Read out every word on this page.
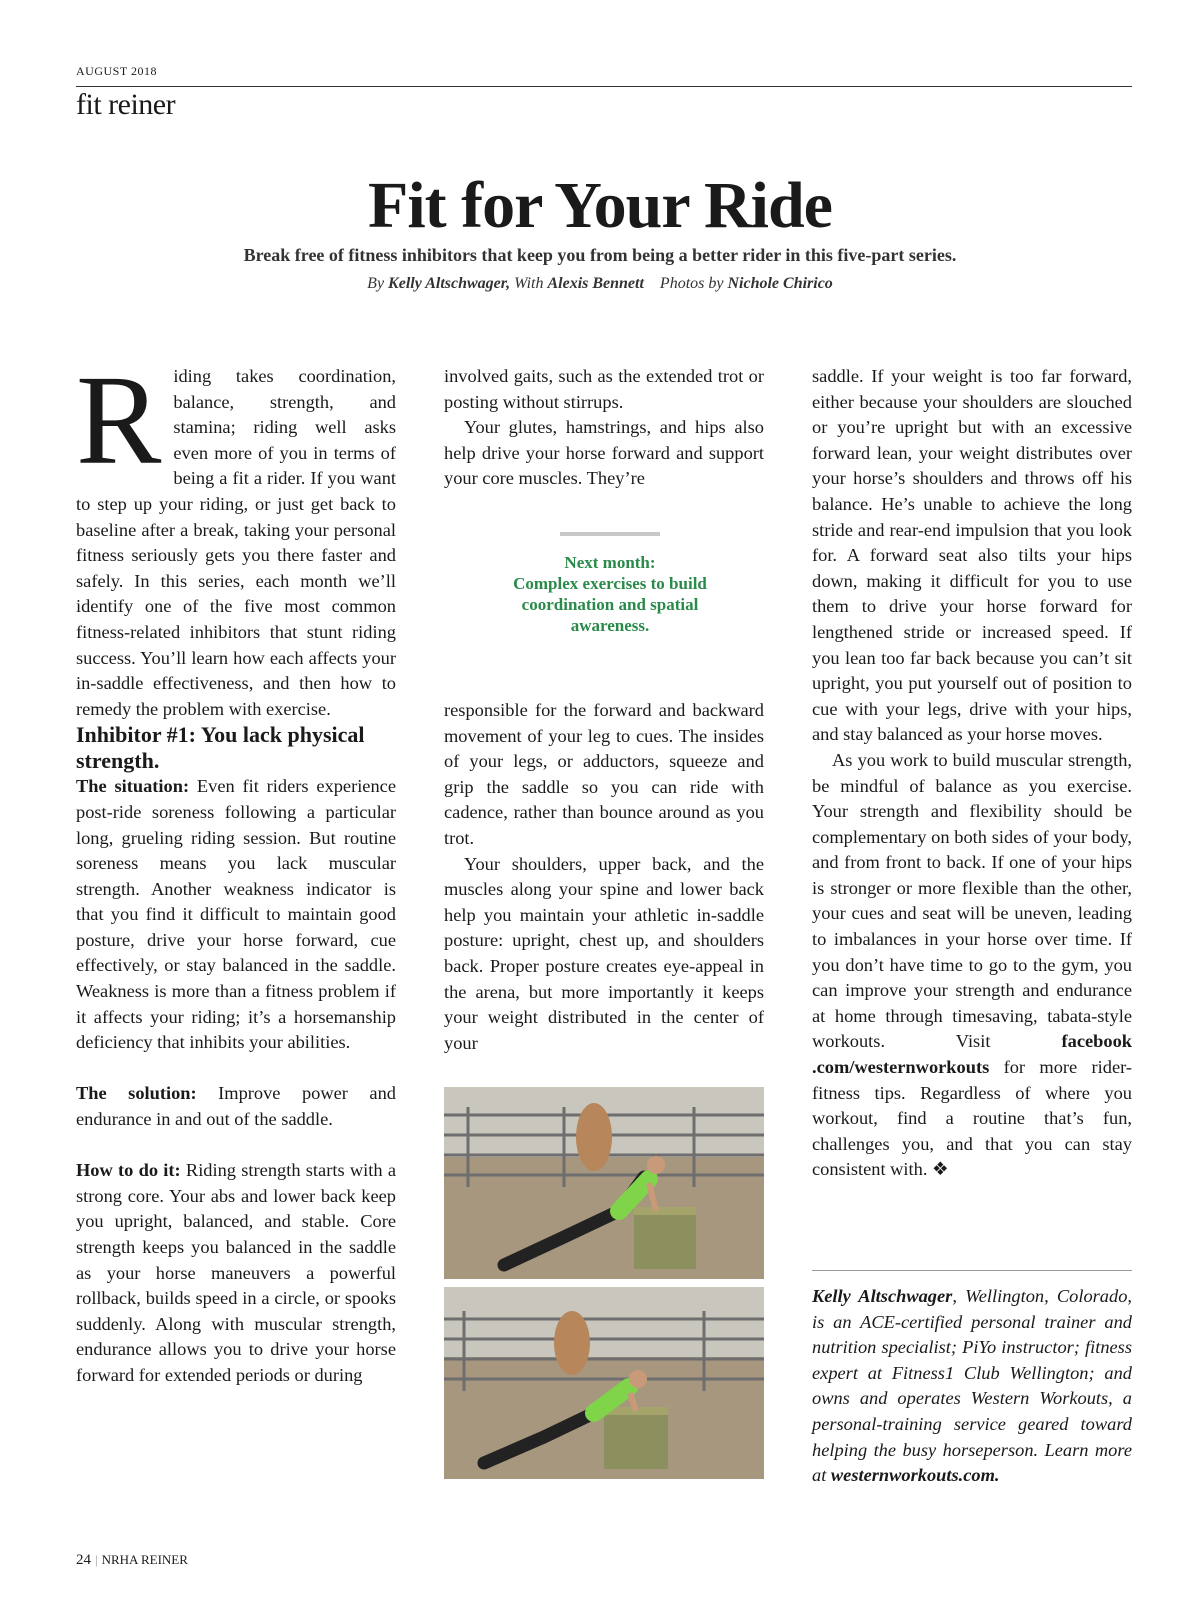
AUGUST 2018
fit reiner
Fit for Your Ride
Break free of fitness inhibitors that keep you from being a better rider in this five-part series.
By Kelly Altschwager, With Alexis Bennett Photos by Nichole Chirico

Riding takes coordination, balance, strength, and stamina; riding well asks even more of you in terms of being a fit a rider. If you want to step up your riding, or just get back to baseline after a break, taking your personal fitness seriously gets you there faster and safely. In this series, each month we’ll identify one of the five most common fitness-related inhibitors that stunt riding success. You’ll learn how each affects your in-saddle effectiveness, and then how to remedy the problem with exercise.

Inhibitor #1: You lack physical strength.

The situation: Even fit riders experience post-ride soreness following a particular long, grueling riding session. But routine soreness means you lack muscular strength. Another weakness indicator is that you find it difficult to maintain good posture, drive your horse forward, cue effectively, or stay balanced in the saddle. Weakness is more than a fitness problem if it affects your riding; it’s a horsemanship deficiency that inhibits your abilities.

The solution: Improve power and endurance in and out of the saddle.

How to do it: Riding strength starts with a strong core. Your abs and lower back keep you upright, balanced, and stable. Core strength keeps you balanced in the saddle as your horse maneuvers a powerful rollback, builds speed in a circle, or spooks suddenly. Along with muscular strength, endurance allows you to drive your horse forward for extended periods or during

involved gaits, such as the extended trot or posting without stirrups.

Your glutes, hamstrings, and hips also help drive your horse forward and support your core muscles. They’re

Next month:
Complex exercises to build coordination and spatial awareness.

responsible for the forward and backward movement of your leg to cues. The insides of your legs, or adductors, squeeze and grip the saddle so you can ride with cadence, rather than bounce around as you trot.

Your shoulders, upper back, and the muscles along your spine and lower back help you maintain your athletic in-saddle posture: upright, chest up, and shoulders back. Proper posture creates eye-appeal in the arena, but more importantly it keeps your weight distributed in the center of your

saddle. If your weight is too far forward, either because your shoulders are slouched or you’re upright but with an excessive forward lean, your weight distributes over your horse’s shoulders and throws off his balance. He’s unable to achieve the long stride and rear-end impulsion that you look for. A forward seat also tilts your hips down, making it difficult for you to use them to drive your horse forward for lengthened stride or increased speed. If you lean too far back because you can’t sit upright, you put yourself out of position to cue with your legs, drive with your hips, and stay balanced as your horse moves.

As you work to build muscular strength, be mindful of balance as you exercise. Your strength and flexibility should be complementary on both sides of your body, and from front to back. If one of your hips is stronger or more flexible than the other, your cues and seat will be uneven, leading to imbalances in your horse over time. If you don’t have time to go to the gym, you can improve your strength and endurance at home through timesaving, tabata-style workouts. Visit facebook .com/westernworkouts for more rider-fitness tips. Regardless of where you workout, find a routine that’s fun, challenges you, and that you can stay consistent with. ❖

Kelly Altschwager, Wellington, Colorado, is an ACE-certified personal trainer and nutrition specialist; PiYo instructor; fitness expert at Fitness1 Club Wellington; and owns and operates Western Workouts, a personal-training service geared toward helping the busy horseperson. Learn more at westernworkouts.com.
24 | NRHA REINER
